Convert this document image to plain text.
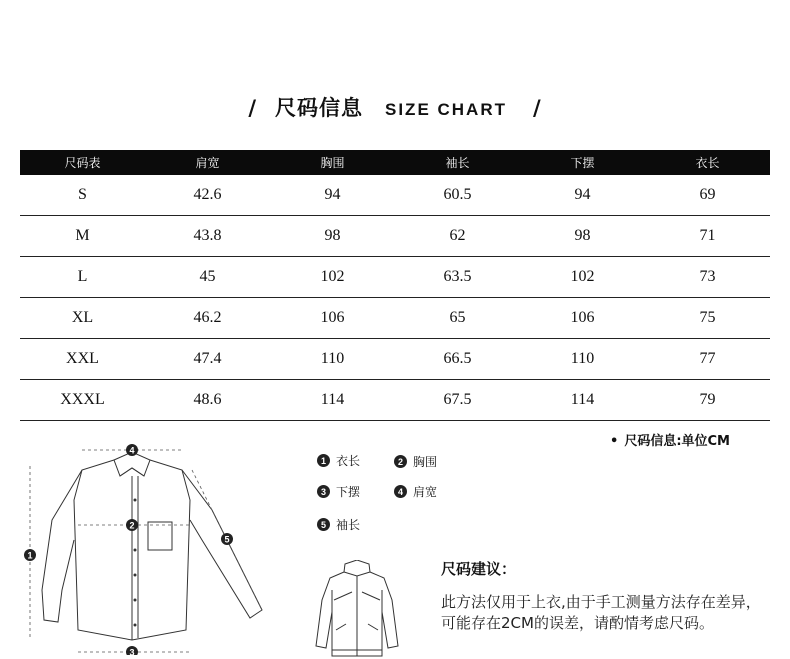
/ 尺码信息 SIZE CHART /
尺码表	肩宽	胸围	袖长	下摆	衣长
S	42.6	94	60.5	94	69
M	43.8	98	62	98	71
L	45	102	63.5	102	73
XL	46.2	106	65	106	75
XXL	47.4	110	66.5	110	77
XXXL	48.6	114	67.5	114	79
• 尺码信息:单位CM
1
2
3
4
5
1 衣长	2 胸围
3 下摆	4 肩宽
5 袖长
尺码建议：
此方法仅用于上衣,由于手工测量方法存在差异，可能存在2CM的误差，请酌情考虑尺码。
